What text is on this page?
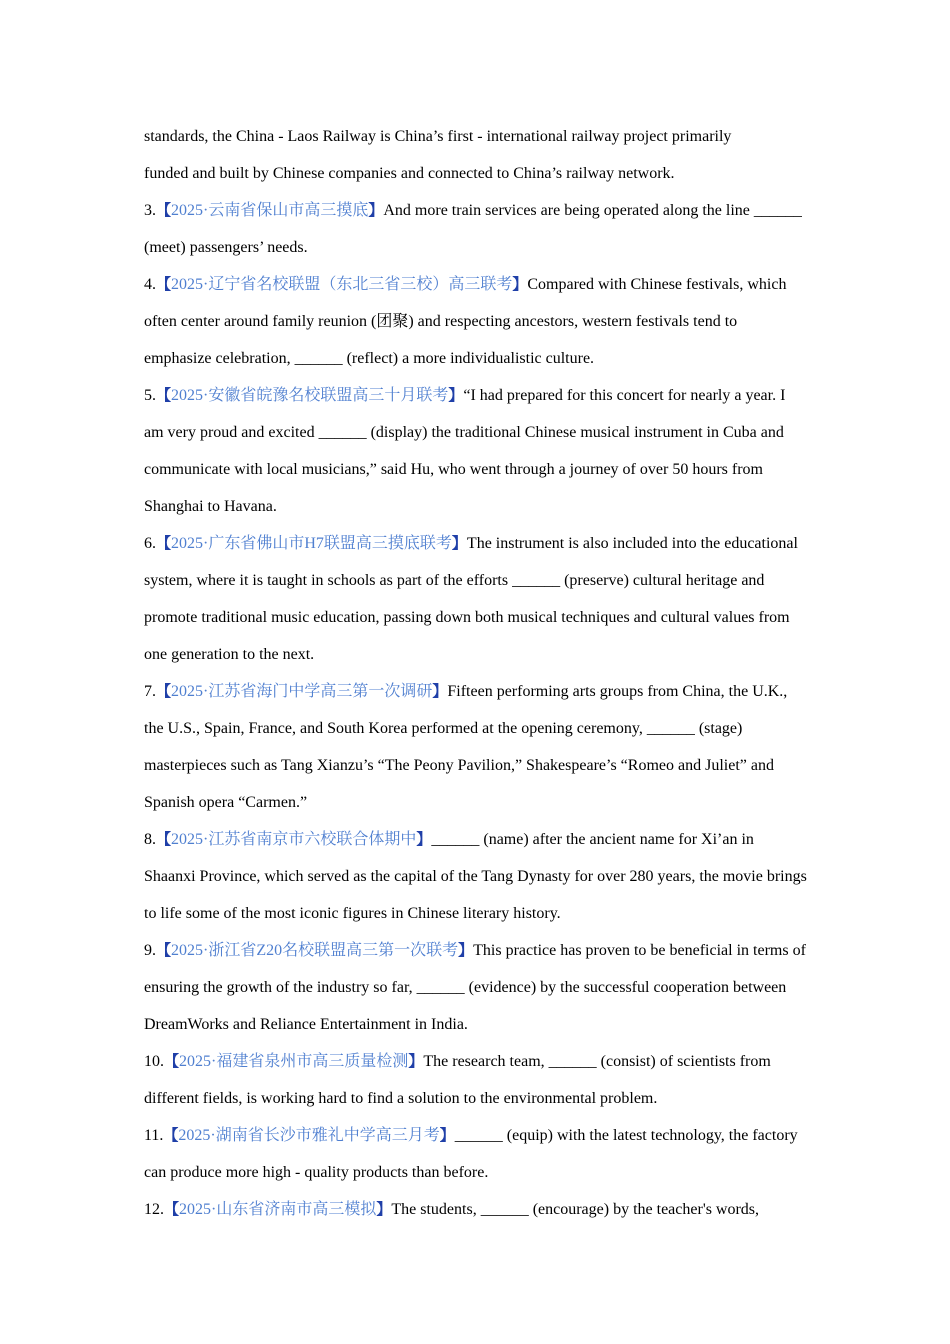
standards, the China - Laos Railway is China’s first - international railway project primarily
funded and built by Chinese companies and connected to China’s railway network.

3.【2025·云南省保山市高三摸底】And more train services are being operated along the line ______ (meet) passengers’ needs.

4.【2025·辽宁省名校联盟（东北三省三校）高三联考】Compared with Chinese festivals, which often center around family reunion (团聚) and respecting ancestors, western festivals tend to emphasize celebration, ______ (reflect) a more individualistic culture.

5.【2025·安徽省皖豫名校联盟高三十月联考】“I had prepared for this concert for nearly a year. I am very proud and excited ______ (display) the traditional Chinese musical instrument in Cuba and communicate with local musicians,” said Hu, who went through a journey of over 50 hours from Shanghai to Havana.

6.【2025·广东省佛山市H7联盟高三摸底联考】The instrument is also included into the educational system, where it is taught in schools as part of the efforts ______ (preserve) cultural heritage and promote traditional music education, passing down both musical techniques and cultural values from one generation to the next.

7.【2025·江苏省海门中学高三第一次调研】Fifteen performing arts groups from China, the U.K., the U.S., Spain, France, and South Korea performed at the opening ceremony, ______ (stage) masterpieces such as Tang Xianzu’s “The Peony Pavilion,” Shakespeare’s “Romeo and Juliet” and Spanish opera “Carmen.”

8.【2025·江苏省南京市六校联合体期中】______ (name) after the ancient name for Xi’an in Shaanxi Province, which served as the capital of the Tang Dynasty for over 280 years, the movie brings to life some of the most iconic figures in Chinese literary history.

9.【2025·浙江省Z20名校联盟高三第一次联考】This practice has proven to be beneficial in terms of ensuring the growth of the industry so far, ______ (evidence) by the successful cooperation between DreamWorks and Reliance Entertainment in India.

10.【2025·福建省泉州市高三质量检测】The research team, ______ (consist) of scientists from different fields, is working hard to find a solution to the environmental problem.

11.【2025·湖南省长沙市雅礼中学高三月考】______ (equip) with the latest technology, the factory can produce more high - quality products than before.

12.【2025·山东省济南市高三模拟】The students, ______ (encourage) by the teacher's words,
